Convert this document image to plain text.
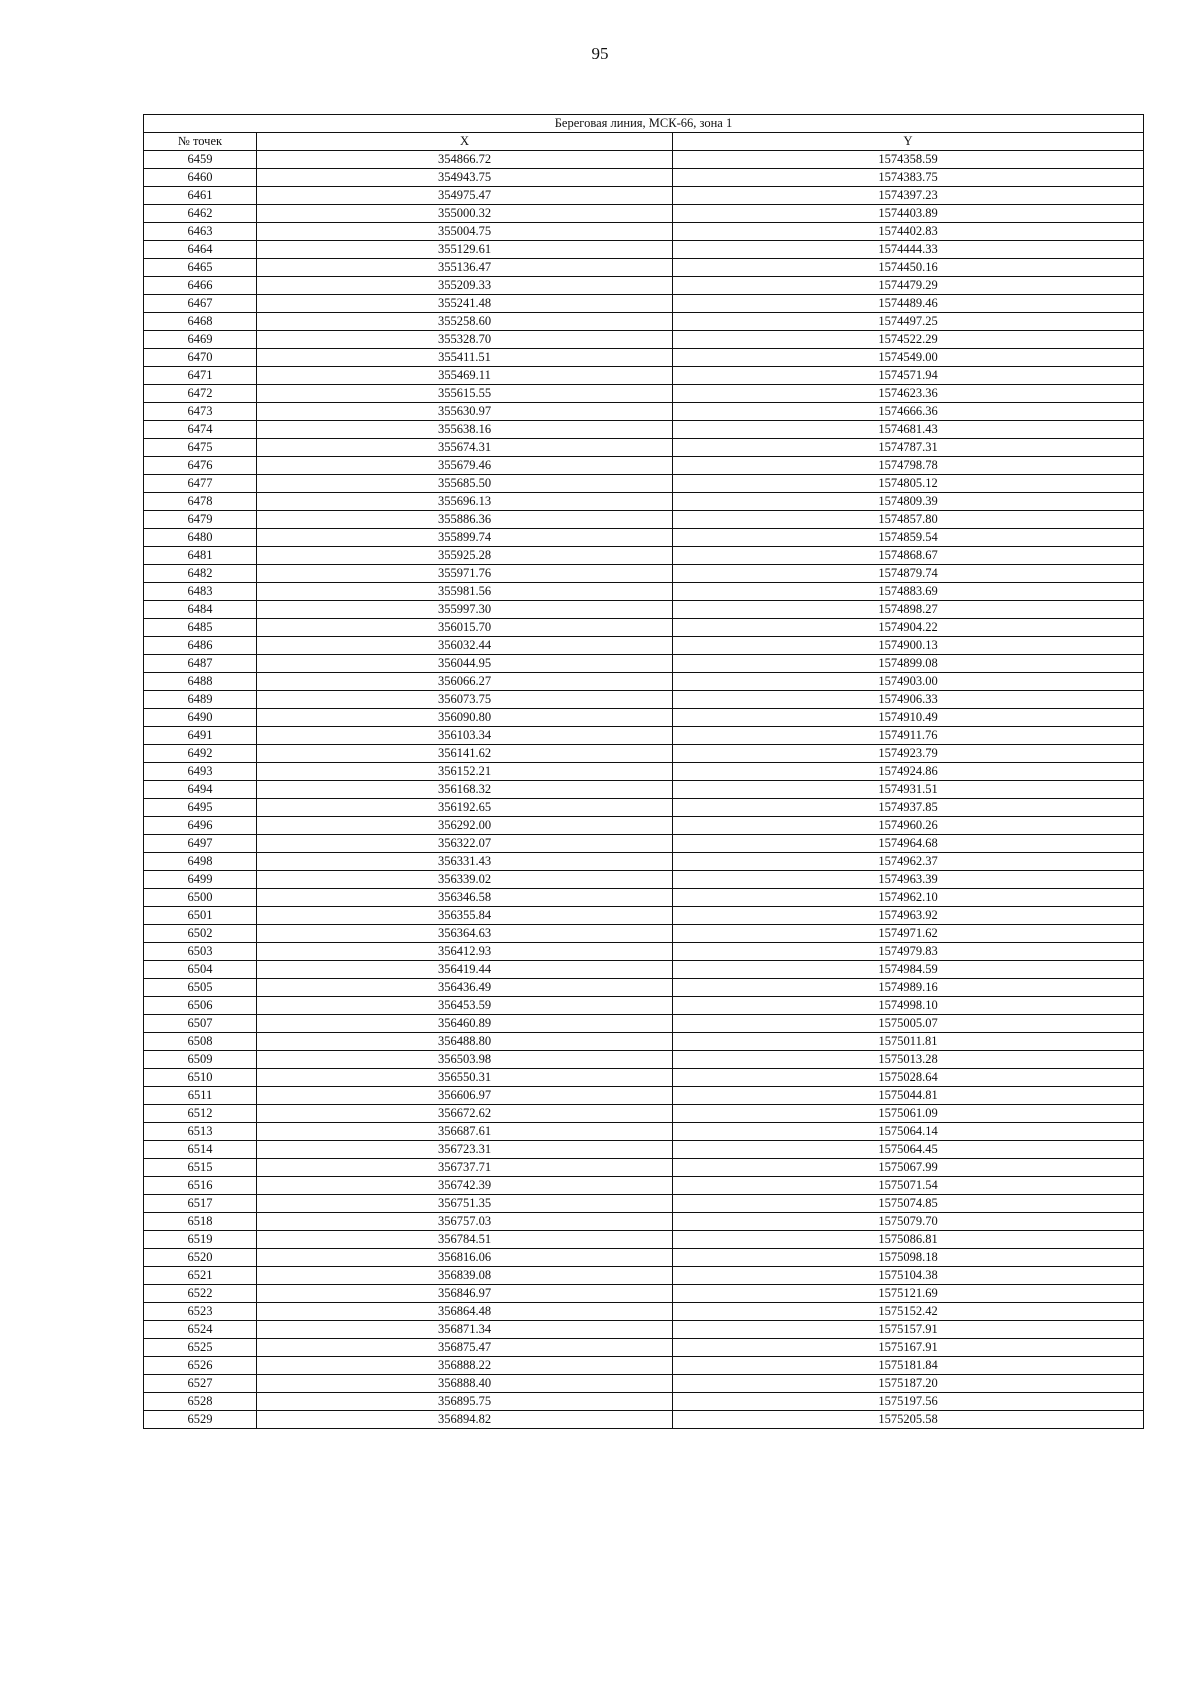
95
Береговая линия, МСК-66, зона 1		
№ точек	X	Y
6459	354866.72	1574358.59
6460	354943.75	1574383.75
6461	354975.47	1574397.23
6462	355000.32	1574403.89
6463	355004.75	1574402.83
6464	355129.61	1574444.33
6465	355136.47	1574450.16
6466	355209.33	1574479.29
6467	355241.48	1574489.46
6468	355258.60	1574497.25
6469	355328.70	1574522.29
6470	355411.51	1574549.00
6471	355469.11	1574571.94
6472	355615.55	1574623.36
6473	355630.97	1574666.36
6474	355638.16	1574681.43
6475	355674.31	1574787.31
6476	355679.46	1574798.78
6477	355685.50	1574805.12
6478	355696.13	1574809.39
6479	355886.36	1574857.80
6480	355899.74	1574859.54
6481	355925.28	1574868.67
6482	355971.76	1574879.74
6483	355981.56	1574883.69
6484	355997.30	1574898.27
6485	356015.70	1574904.22
6486	356032.44	1574900.13
6487	356044.95	1574899.08
6488	356066.27	1574903.00
6489	356073.75	1574906.33
6490	356090.80	1574910.49
6491	356103.34	1574911.76
6492	356141.62	1574923.79
6493	356152.21	1574924.86
6494	356168.32	1574931.51
6495	356192.65	1574937.85
6496	356292.00	1574960.26
6497	356322.07	1574964.68
6498	356331.43	1574962.37
6499	356339.02	1574963.39
6500	356346.58	1574962.10
6501	356355.84	1574963.92
6502	356364.63	1574971.62
6503	356412.93	1574979.83
6504	356419.44	1574984.59
6505	356436.49	1574989.16
6506	356453.59	1574998.10
6507	356460.89	1575005.07
6508	356488.80	1575011.81
6509	356503.98	1575013.28
6510	356550.31	1575028.64
6511	356606.97	1575044.81
6512	356672.62	1575061.09
6513	356687.61	1575064.14
6514	356723.31	1575064.45
6515	356737.71	1575067.99
6516	356742.39	1575071.54
6517	356751.35	1575074.85
6518	356757.03	1575079.70
6519	356784.51	1575086.81
6520	356816.06	1575098.18
6521	356839.08	1575104.38
6522	356846.97	1575121.69
6523	356864.48	1575152.42
6524	356871.34	1575157.91
6525	356875.47	1575167.91
6526	356888.22	1575181.84
6527	356888.40	1575187.20
6528	356895.75	1575197.56
6529	356894.82	1575205.58
